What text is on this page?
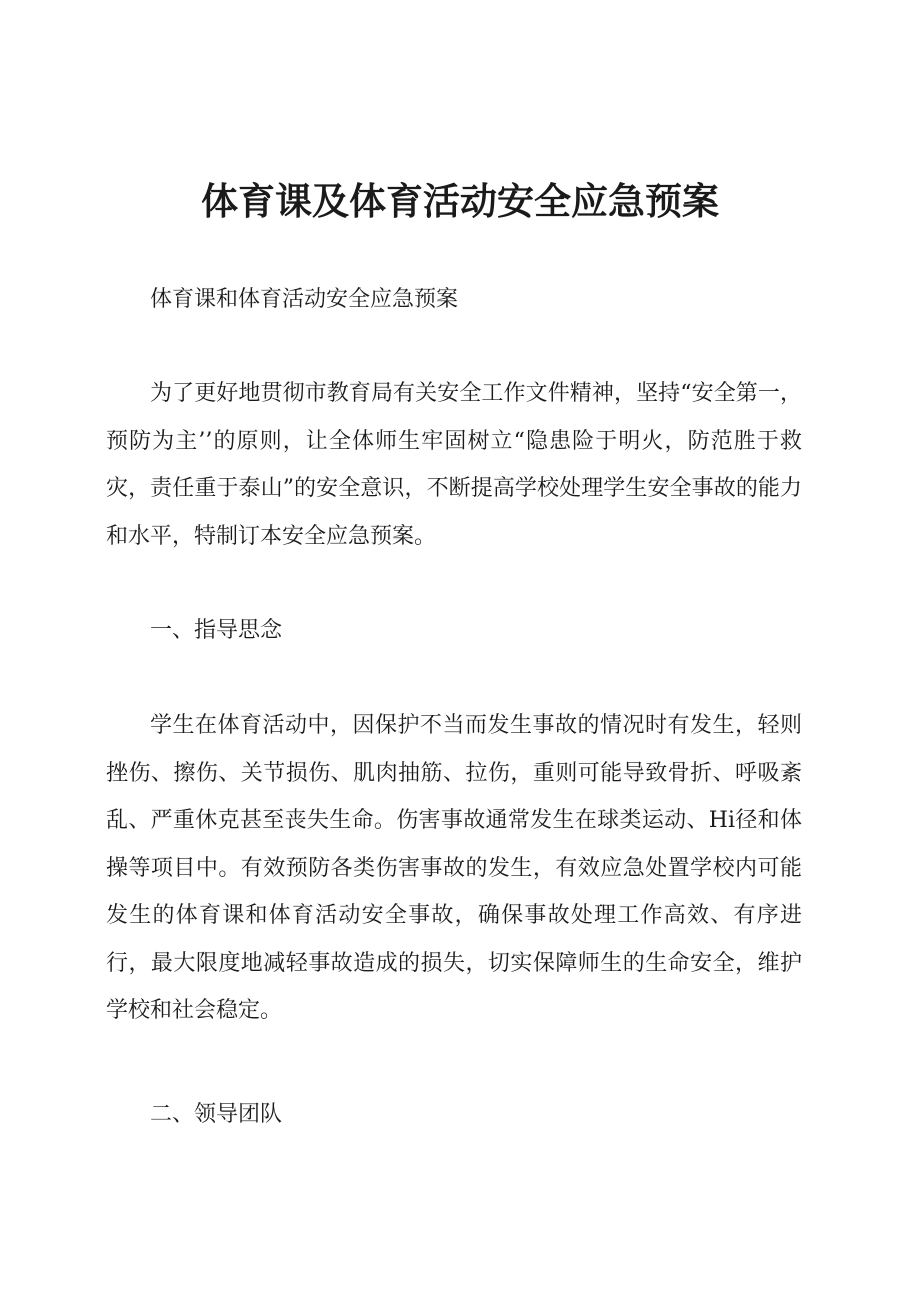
体育课及体育活动安全应急预案

体育课和体育活动安全应急预案

为了更好地贯彻市教育局有关安全工作文件精神，坚持“安全第一，预防为主’’的原则，让全体师生牢固树立“隐患险于明火，防范胜于救灾，责任重于泰山”的安全意识，不断提高学校处理学生安全事故的能力和水平，特制订本安全应急预案。

一、指导思念

学生在体育活动中，因保护不当而发生事故的情况时有发生，轻则挫伤、擦伤、关节损伤、肌肉抽筋、拉伤，重则可能导致骨折、呼吸紊乱、严重休克甚至丧失生命。伤害事故通常发生在球类运动、Hi径和体操等项目中。有效预防各类伤害事故的发生，有效应急处置学校内可能发生的体育课和体育活动安全事故，确保事故处理工作高效、有序进行，最大限度地减轻事故造成的损失，切实保障师生的生命安全，维护学校和社会稳定。

二、领导团队
